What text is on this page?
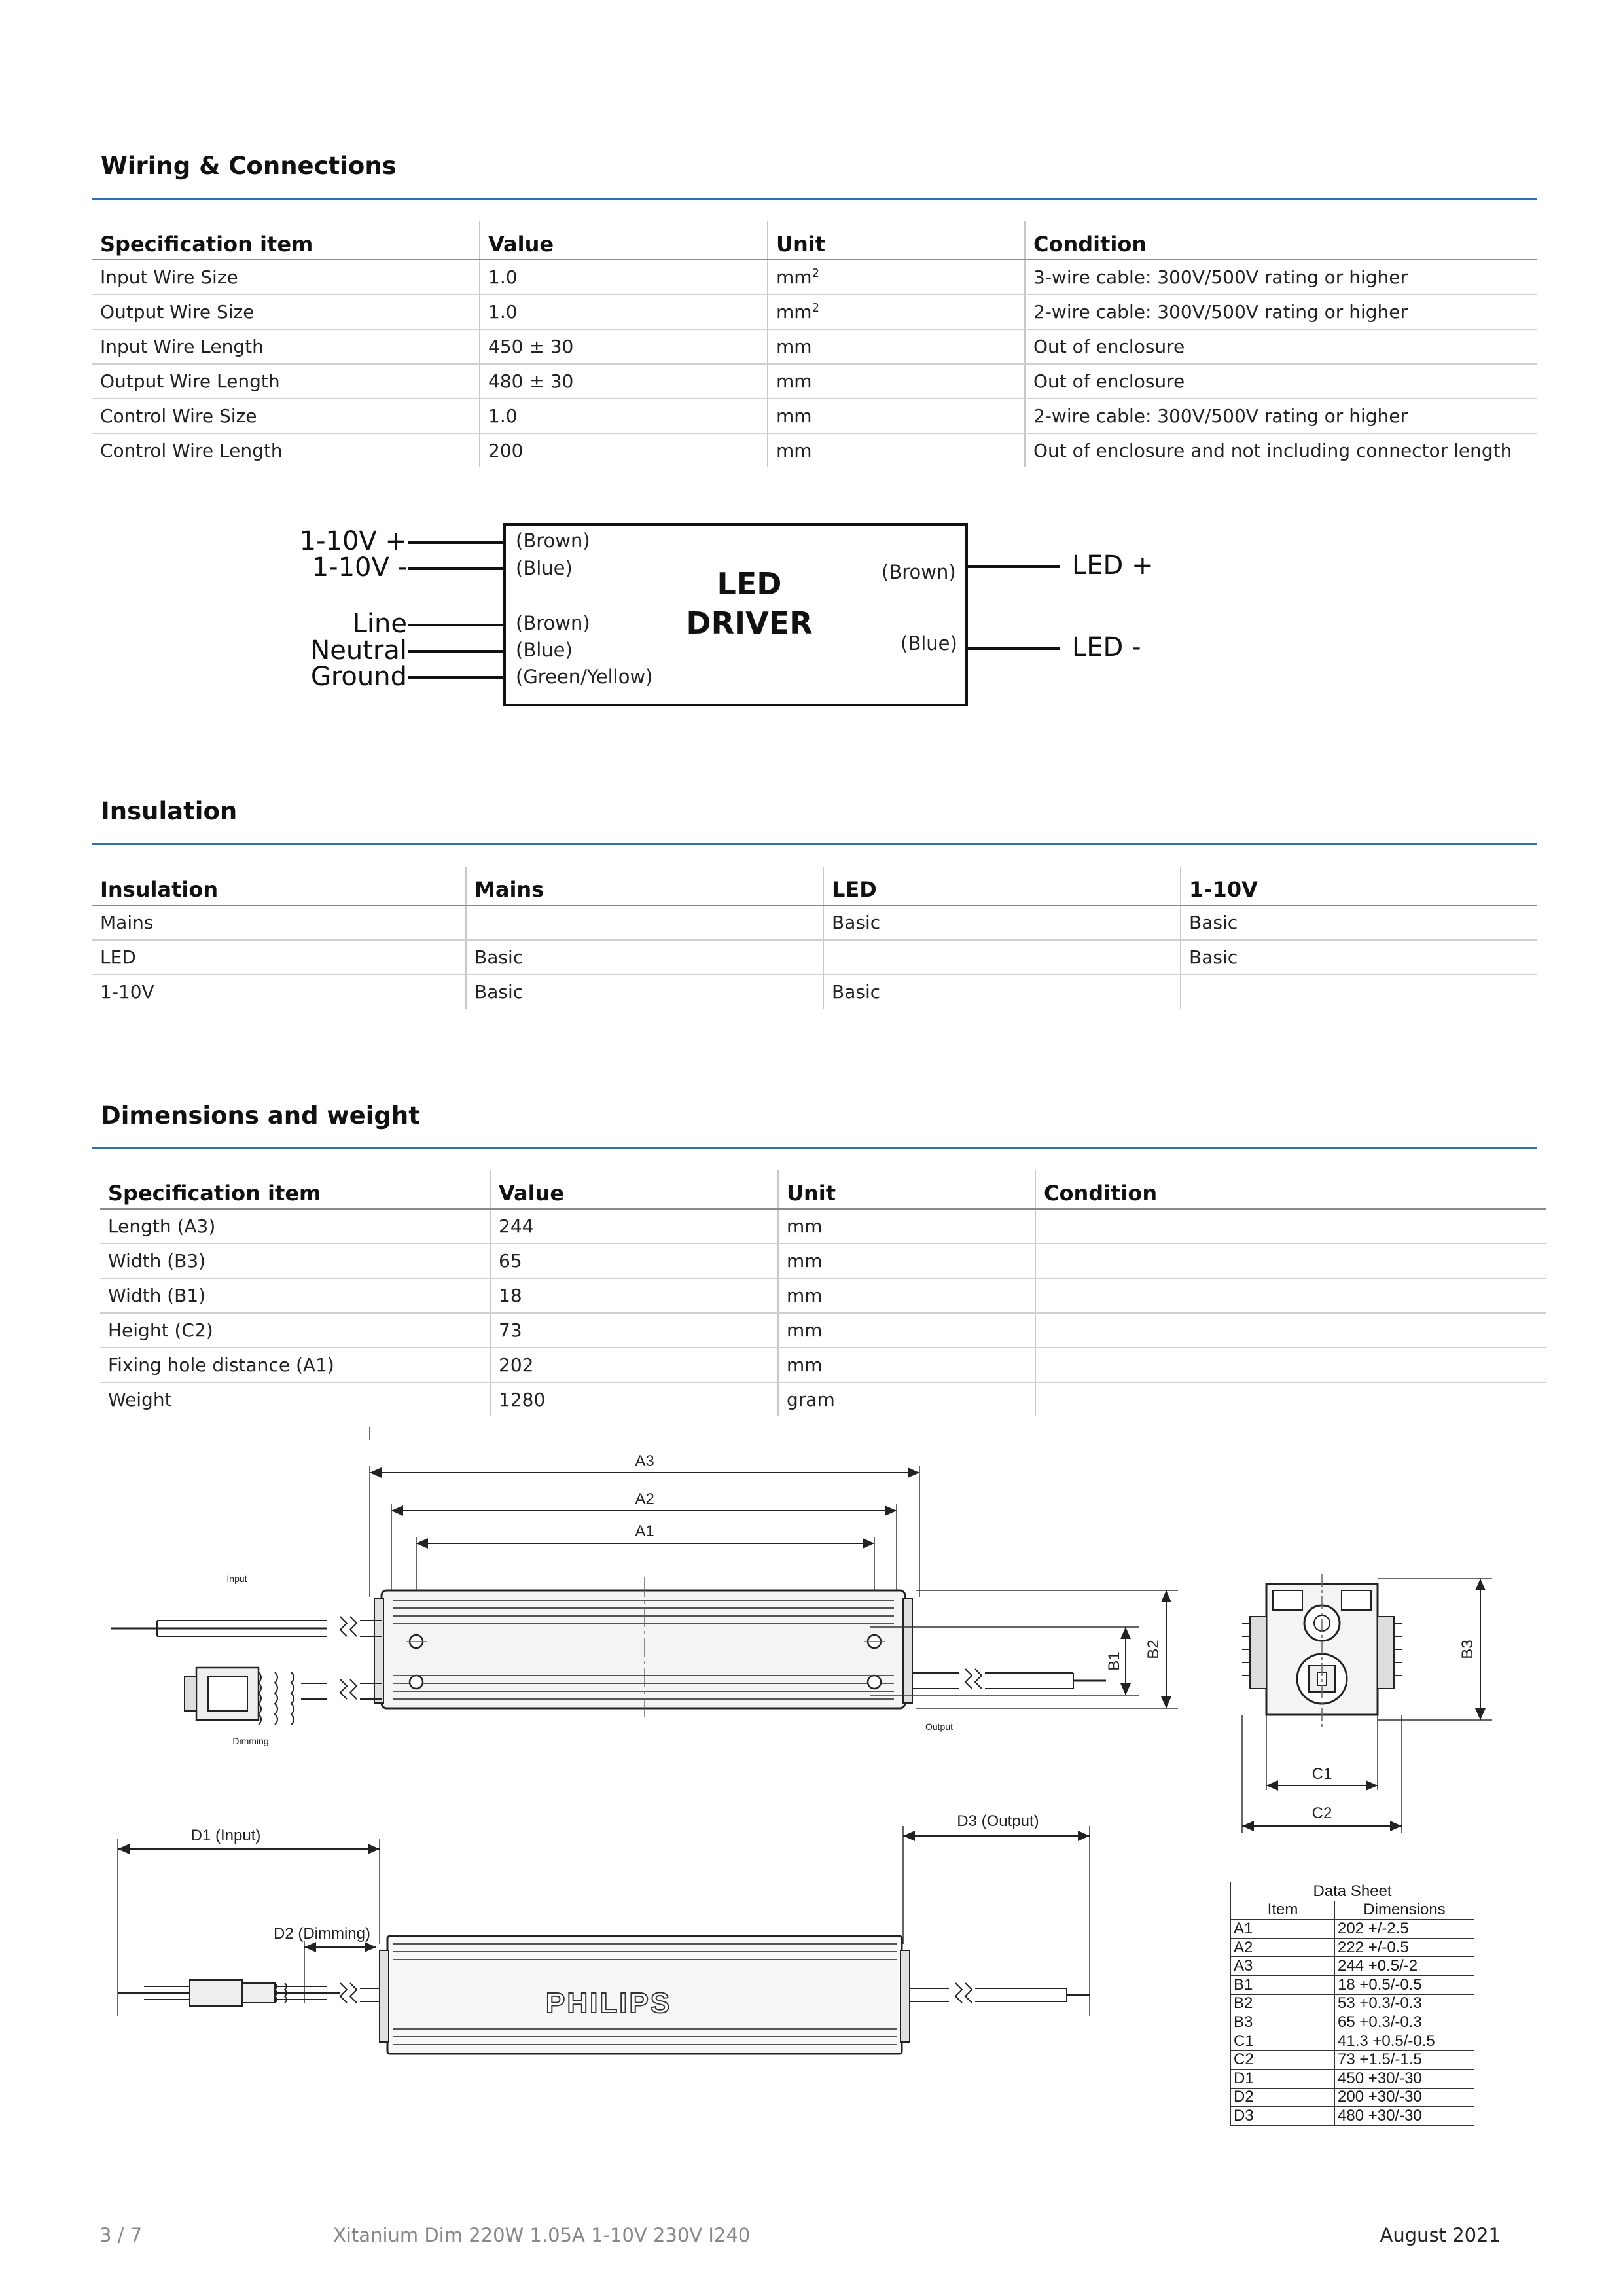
Wiring & Connections
Specification item	Value	Unit	Condition
Input Wire Size	1.0	$mm^2$	3-wire cable: 300V/500V rating or higher
Output Wire Size	1.0	$mm^2$	2-wire cable: 300V/500V rating or higher
Input Wire Length	450 ± 30	mm	Out of enclosure
Output Wire Length	480 ± 30	mm	Out of enclosure
Control Wire Size	1.0	mm	2-wire cable: 300V/500V rating or higher
Control Wire Length	200	mm	Out of enclosure and not including connector length
1-10V +
1-10V -
Line
Neutral
Ground
(Brown)
(Blue)
(Brown)
(Blue)
(Green/Yellow)
LED
DRIVER
(Brown)
(Blue)
LED +
LED -
Insulation
Insulation	Mains	LED	1-10V
Mains		Basic	Basic
LED	Basic		Basic
1-10V	Basic	Basic	
Dimensions and weight
Specification item	Value	Unit	Condition
Length (A3)	244	mm	
Width (B3)	65	mm	
Width (B1)	18	mm	
Height (C2)	73	mm	
Fixing hole distance (A1)	202	mm	
Weight	1280	gram	
A3
A2
A1
Input
Dimming
Output
B1
B2	B3
C1
C2
D1 (Input)
D2 (Dimming)
D3 (Output)
PHILIPS
Data Sheet	
Item	Dimensions
A1	202 +/-2.5
A2	222 +/-0.5
A3	244 +0.5/-2
B1	18 +0.5/-0.5
B2	53 +0.3/-0.3
B3	65 +0.3/-0.3
C1	41.3 +0.5/-0.5
C2	73 +1.5/-1.5
D1	450 +30/-30
D2	200 +30/-30
D3	480 +30/-30
3 / 7	Xitanium Dim 220W 1.05A 1-10V 230V I240	August 2021
